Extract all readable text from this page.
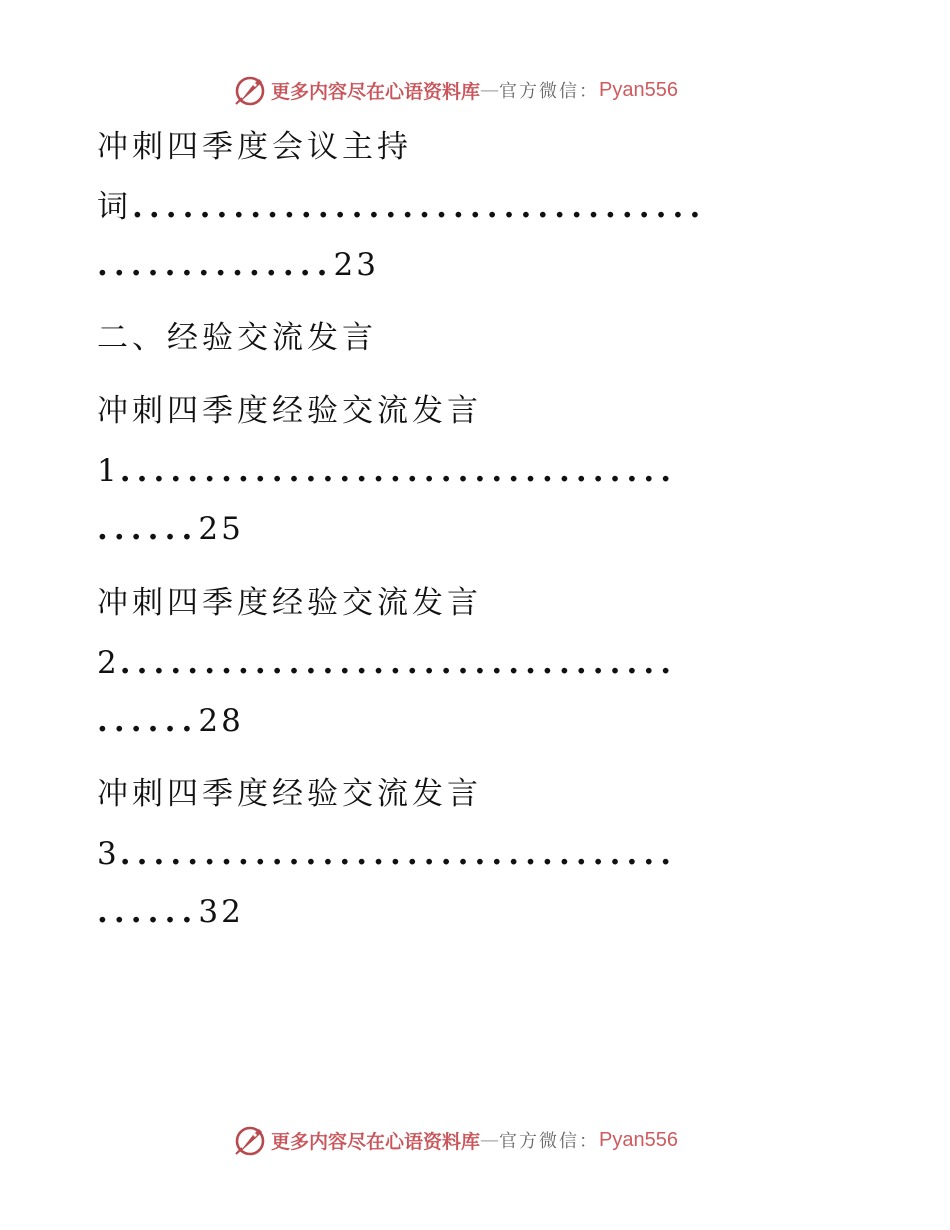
更多内容尽在心语资料库 — 官方微信： Pyan556
冲刺四季度会议主持
词..................................
..............23
二、经验交流发言
冲刺四季度经验交流发言
1.................................
......25
冲刺四季度经验交流发言
2.................................
......28
冲刺四季度经验交流发言
3.................................
......32
更多内容尽在心语资料库 — 官方微信： Pyan556
